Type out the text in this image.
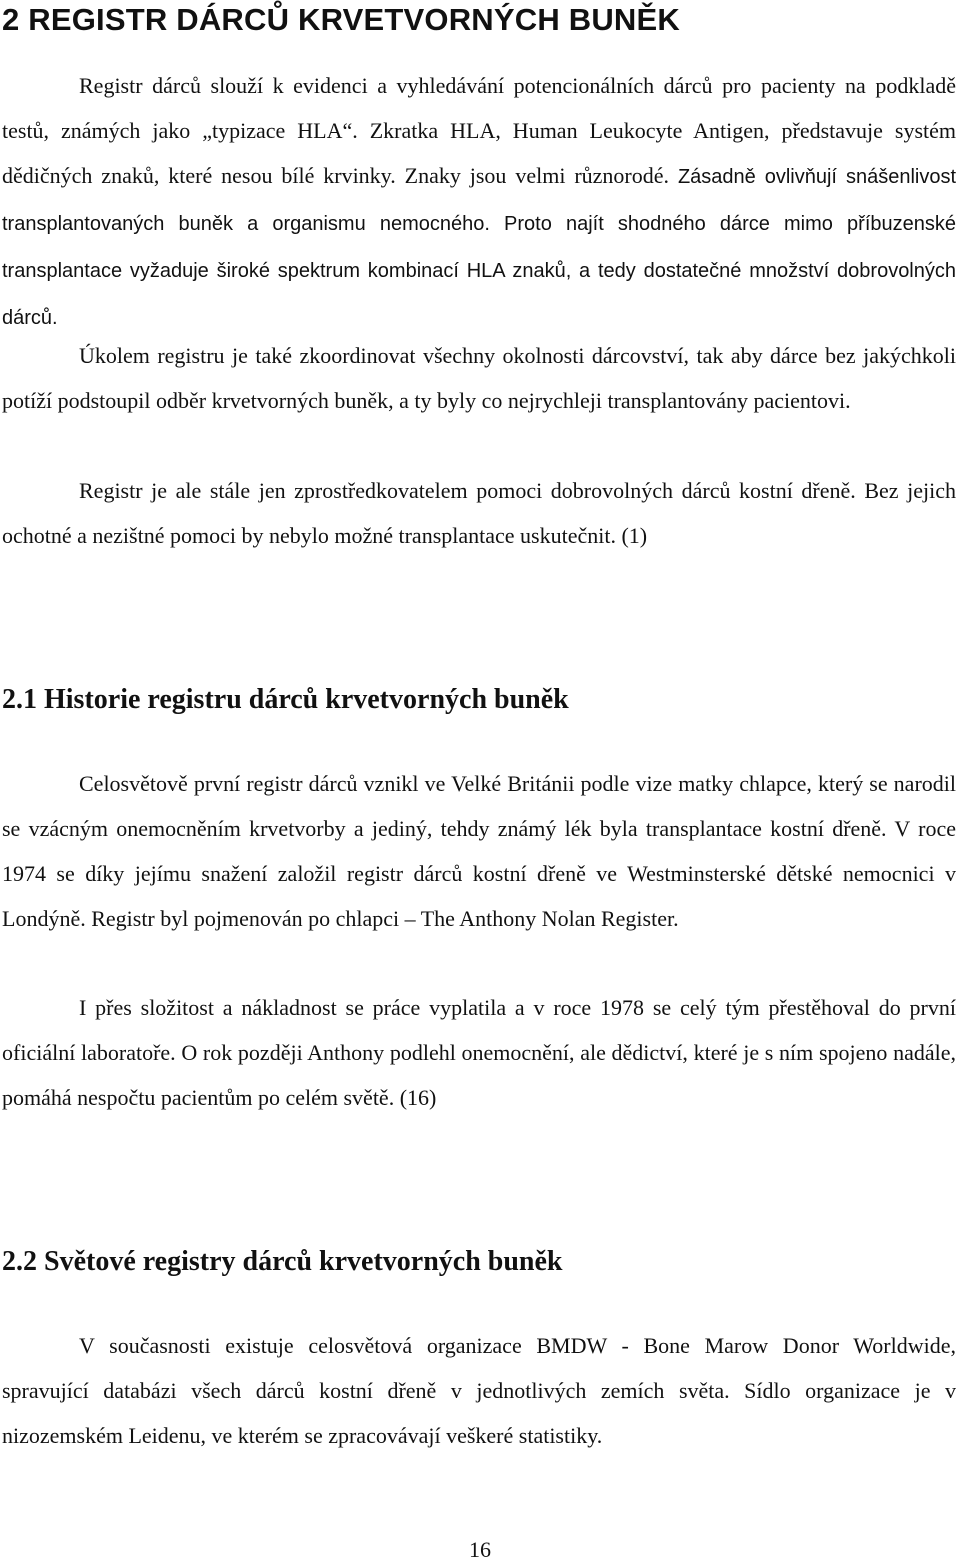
2 REGISTR DÁRCŮ KRVETVORNÝCH BUNĚK

Registr dárců slouží k evidenci a vyhledávání potencionálních dárců pro pacienty na podkladě testů, známých jako „typizace HLA“. Zkratka HLA, Human Leukocyte Antigen, představuje systém dědičných znaků, které nesou bílé krvinky. Znaky jsou velmi různorodé. Zásadně ovlivňují snášenlivost transplantovaných buněk a organismu nemocného. Proto najít shodného dárce mimo příbuzenské transplantace vyžaduje široké spektrum kombinací HLA znaků, a tedy dostatečné množství dobrovolných dárců.

Úkolem registru je také zkoordinovat všechny okolnosti dárcovství, tak aby dárce bez jakýchkoli potíží podstoupil odběr krvetvorných buněk, a ty byly co nejrychleji transplantovány pacientovi.

Registr je ale stále jen zprostředkovatelem pomoci dobrovolných dárců kostní dřeně. Bez jejich ochotné a nezištné pomoci by nebylo možné transplantace uskutečnit. (1)

2.1 Historie registru dárců krvetvorných buněk

Celosvětově první registr dárců vznikl ve Velké Británii podle vize matky chlapce, který se narodil se vzácným onemocněním krvetvorby a jediný, tehdy známý lék byla transplantace kostní dřeně. V roce 1974 se díky jejímu snažení založil registr dárců kostní dřeně ve Westminsterské dětské nemocnici v Londýně. Registr byl pojmenován po chlapci – The Anthony Nolan Register.

I přes složitost a nákladnost se práce vyplatila a v roce 1978 se celý tým přestěhoval do první oficiální laboratoře. O rok později Anthony podlehl onemocnění, ale dědictví, které je s ním spojeno nadále, pomáhá nespočtu pacientům po celém světě. (16)

2.2 Světové registry dárců krvetvorných buněk

V současnosti existuje celosvětová organizace BMDW - Bone Marow Donor Worldwide, spravující databázi všech dárců kostní dřeně v jednotlivých zemích světa. Sídlo organizace je v nizozemském Leidenu, ve kterém se zpracovávají veškeré statistiky.

16
